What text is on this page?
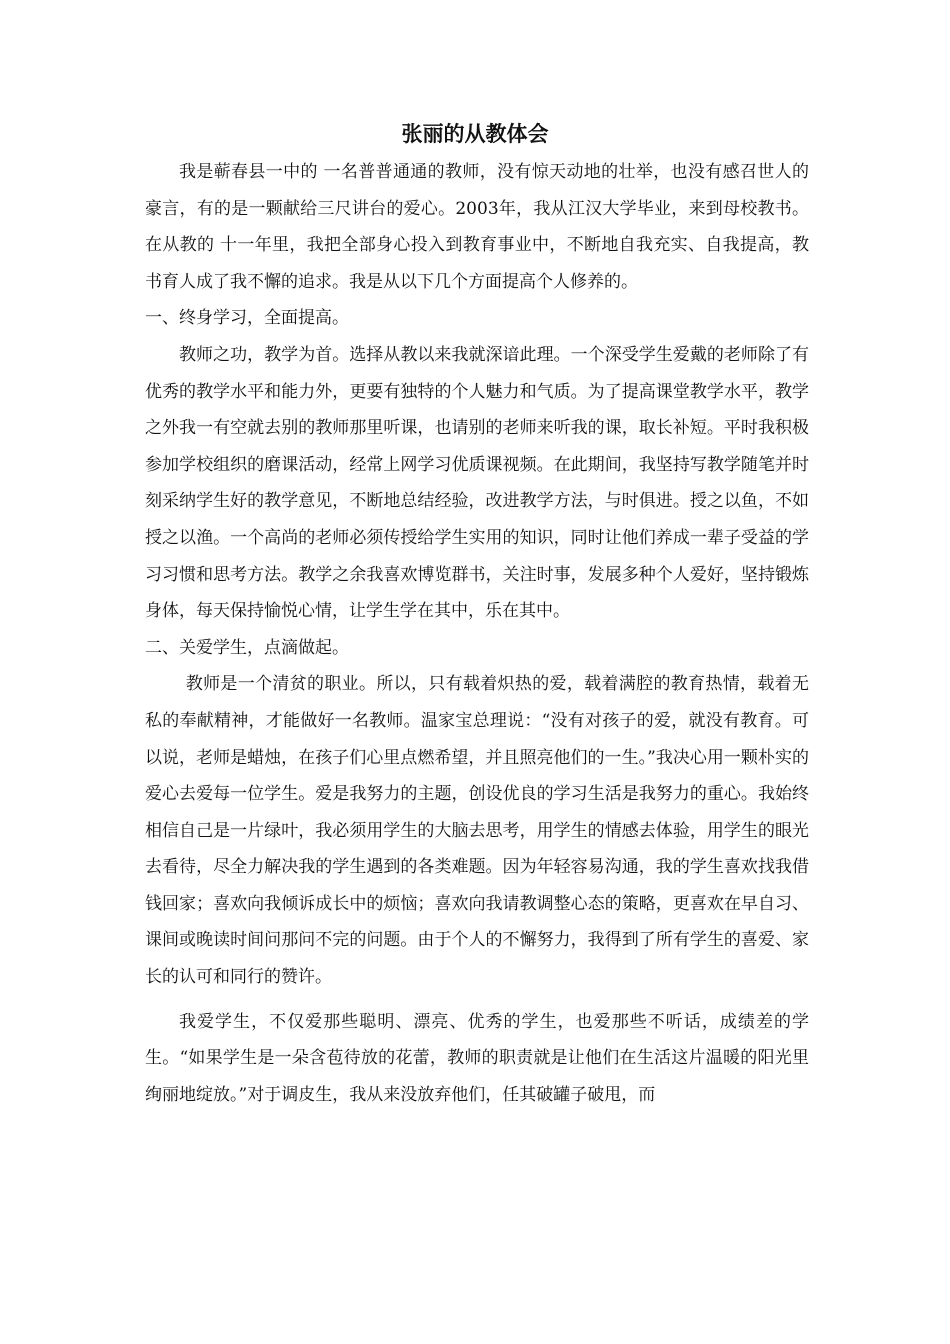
张丽的从教体会

我是蕲春县一中的 一名普普通通的教师，没有惊天动地的壮举，也没有感召世人的豪言，有的是一颗献给三尺讲台的爱心。2003年，我从江汉大学毕业，来到母校教书。在从教的 十一年里，我把全部身心投入到教育事业中，不断地自我充实、自我提高，教书育人成了我不懈的追求。我是从以下几个方面提高个人修养的。

一、终身学习，全面提高。

教师之功，教学为首。选择从教以来我就深谙此理。一个深受学生爱戴的老师除了有优秀的教学水平和能力外，更要有独特的个人魅力和气质。为了提高课堂教学水平，教学之外我一有空就去别的教师那里听课，也请别的老师来听我的课，取长补短。平时我积极参加学校组织的磨课活动，经常上网学习优质课视频。在此期间，我坚持写教学随笔并时刻采纳学生好的教学意见，不断地总结经验，改进教学方法，与时俱进。授之以鱼，不如授之以渔。一个高尚的老师必须传授给学生实用的知识，同时让他们养成一辈子受益的学习习惯和思考方法。教学之余我喜欢博览群书，关注时事，发展多种个人爱好，坚持锻炼身体，每天保持愉悦心情，让学生学在其中，乐在其中。

二、关爱学生，点滴做起。

教师是一个清贫的职业。所以，只有载着炽热的爱，载着满腔的教育热情，载着无私的奉献精神，才能做好一名教师。温家宝总理说：“没有对孩子的爱，就没有教育。可以说，老师是蜡烛，在孩子们心里点燃希望，并且照亮他们的一生。”我决心用一颗朴实的爱心去爱每一位学生。爱是我努力的主题，创设优良的学习生活是我努力的重心。我始终相信自己是一片绿叶，我必须用学生的大脑去思考，用学生的情感去体验，用学生的眼光去看待，尽全力解决我的学生遇到的各类难题。因为年轻容易沟通，我的学生喜欢找我借钱回家；喜欢向我倾诉成长中的烦恼；喜欢向我请教调整心态的策略，更喜欢在早自习、课间或晚读时间问那问不完的问题。由于个人的不懈努力，我得到了所有学生的喜爱、家长的认可和同行的赞许。

我爱学生，不仅爱那些聪明、漂亮、优秀的学生，也爱那些不听话，成绩差的学生。“如果学生是一朵含苞待放的花蕾，教师的职责就是让他们在生活这片温暖的阳光里绚丽地绽放。”对于调皮生，我从来没放弃他们，任其破罐子破甩，而
